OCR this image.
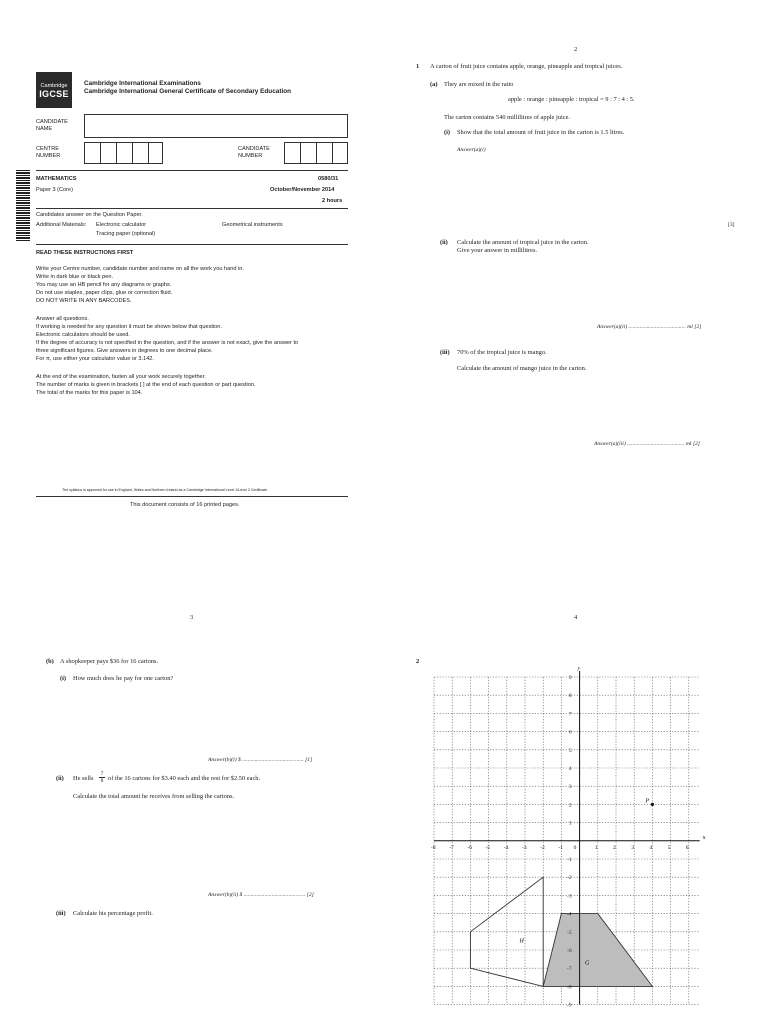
Cambridge
IGCSE
Cambridge International Examinations
Cambridge International General Certificate of Secondary Education
CANDIDATE
NAME
CENTRE
NUMBER
CANDIDATE
NUMBER
MATHEMATICS	0580/31
Paper 3 (Core)	October/November 2014
2 hours
Candidates answer on the Question Paper.
Additional Materials: Electronic calculator
Tracing paper (optional)
Geometrical instruments
READ THESE INSTRUCTIONS FIRST
Write your Centre number, candidate number and name on all the work you hand in.
Write in dark blue or black pen.
You may use an HB pencil for any diagrams or graphs.
Do not use staples, paper clips, glue or correction fluid.
DO NOT WRITE IN ANY BARCODES.
Answer all questions.
If working is needed for any question it must be shown below that question.
Electronic calculators should be used.
If the degree of accuracy is not specified in the question, and if the answer is not exact, give the answer to
three significant figures. Give answers in degrees to one decimal place.
For π, use either your calculator value or 3.142.
At the end of the examination, fasten all your work securely together.
The number of marks is given in brackets [ ] at the end of each question or part question.
The total of the marks for this paper is 104.
The syllabus is approved for use in England, Wales and Northern Ireland as a Cambridge International Level 1/Level 2 Certificate.
This document consists of 16 printed pages.
2
1 A carton of fruit juice contains apple, orange, pineapple and tropical juices.
(a) They are mixed in the ratio
apple : orange : pineapple : tropical = 9 : 7 : 4 : 5.
The carton contains 540 millilitres of apple juice.
(i) Show that the total amount of fruit juice in the carton is 1.5 litres.
Answer(a)(i)
[3]
(ii) Calculate the amount of tropical juice in the carton.
Give your answer in millilitres.
Answer(a)(ii) ......................................... ml [2]
(iii) 70% of the tropical juice is mango.
Calculate the amount of mango juice in the carton.
Answer(a)(iii) ......................................... ml [2]
3
(b) A shopkeeper pays $36 for 16 cartons.
(i) How much does he pay for one carton?
Answer(b)(i) $ ............................................ [1]
(ii) He sells $\frac{7}{8}$ of the 16 cartons for $3.40 each and the rest for $2.50 each.
Calculate the total amount he receives from selling the cartons.
Answer(b)(ii) $ ............................................ [2]
(iii) Calculate his percentage profit.
4
2
-8 -7 -6 -5 -4 -3 -2 -1 0	1	2	3	4	5	6
9
8
7
6
5
4
3
2
1
-1
-2
-3
-4
-5
-6
-7
-8
-9
x
y
P
H
G
